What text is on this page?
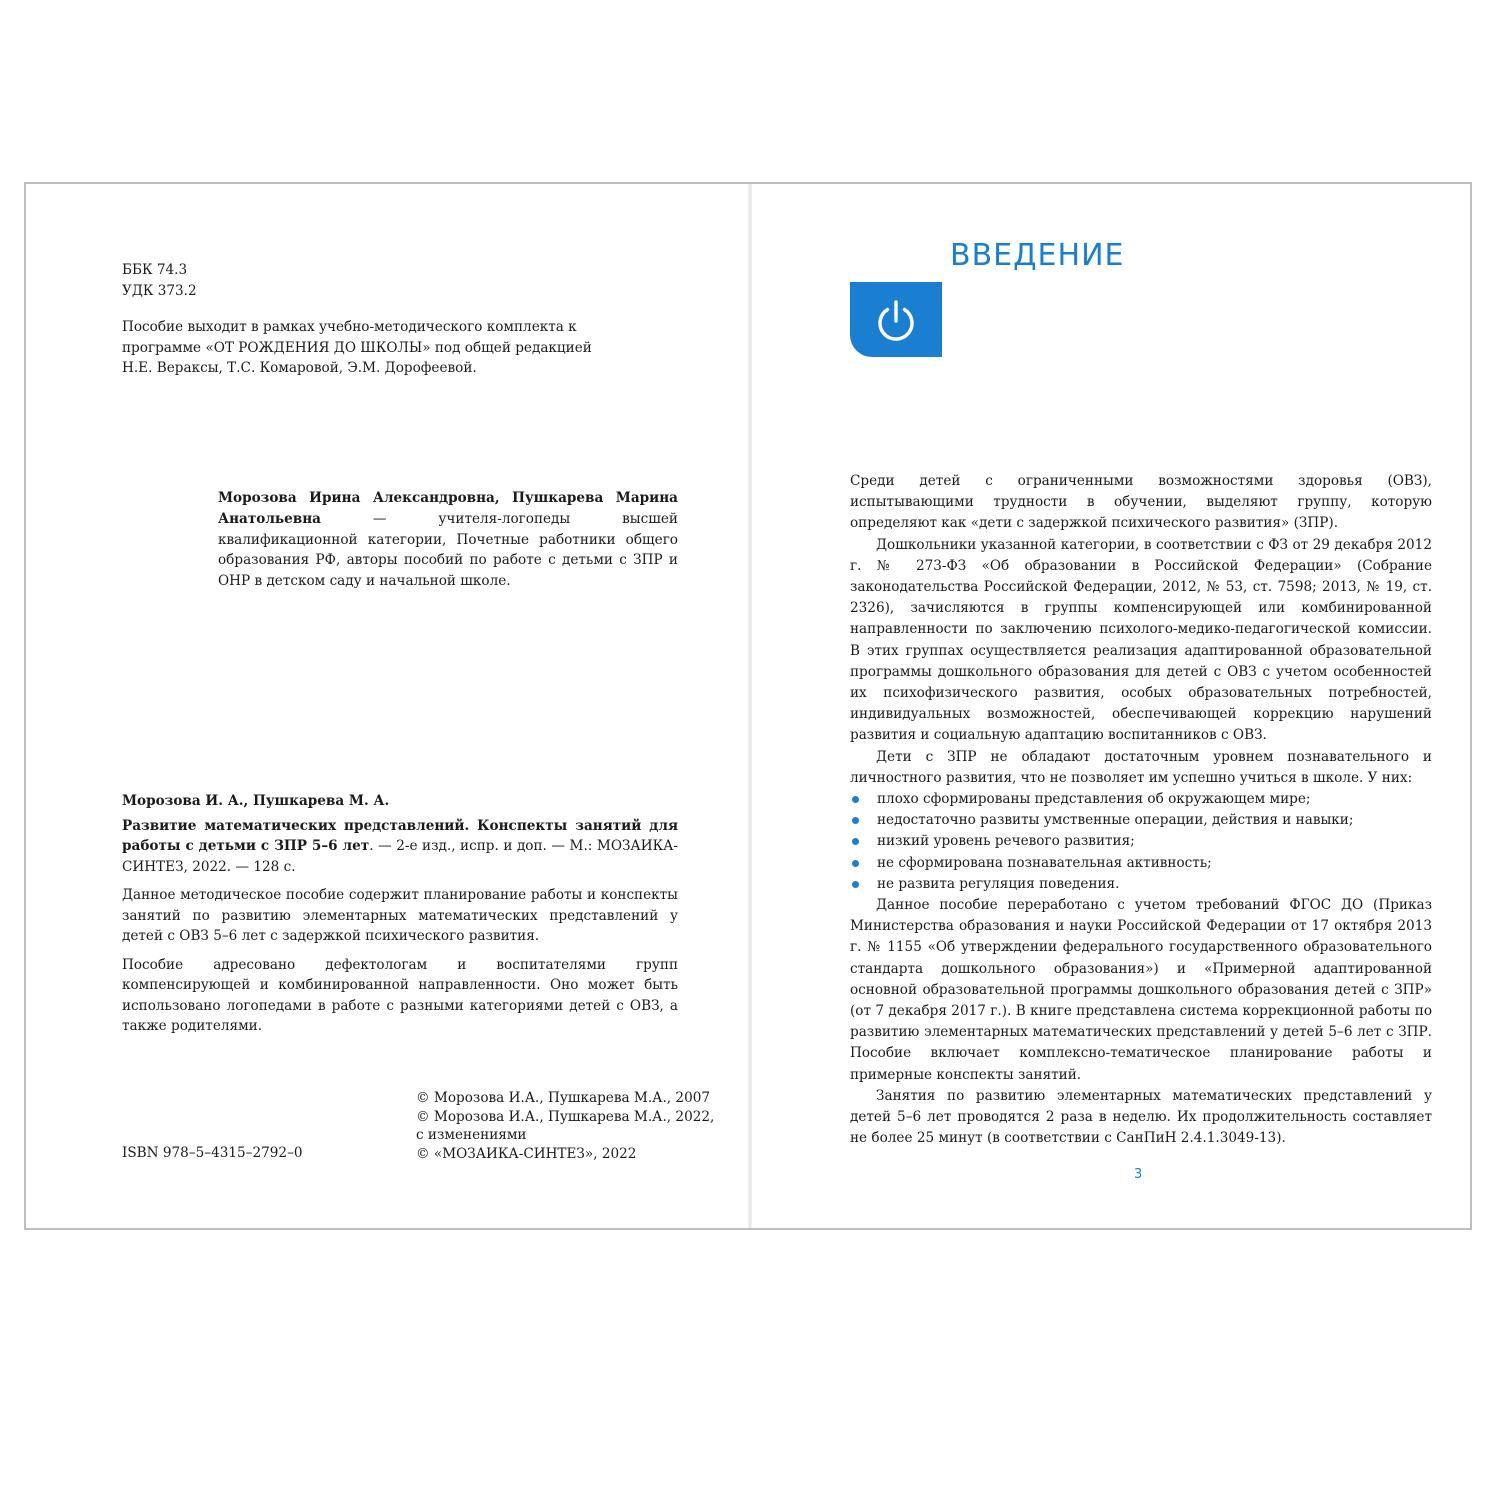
ББК 74.3
УДК 373.2
Пособие выходит в рамках учебно-методического комплекта к программе «ОТ РОЖДЕНИЯ ДО ШКОЛЫ» под общей редакцией Н.Е. Вераксы, Т.С. Комаровой, Э.М. Дорофеевой.
Морозова Ирина Александровна, Пушкарева Марина Анатольевна — учителя-логопеды высшей квалификационной категории, Почетные работники общего образования РФ, авторы пособий по работе с детьми с ЗПР и ОНР в детском саду и начальной школе.

Морозова И. А., Пушкарева М. А.

Развитие математических представлений. Конспекты занятий для работы с детьми с ЗПР 5–6 лет. — 2-е изд., испр. и доп. — М.: МОЗАИКА-СИНТЕЗ, 2022. — 128 с.

Данное методическое пособие содержит планирование работы и конспекты занятий по развитию элементарных математических представлений у детей с ОВЗ 5–6 лет с задержкой психического развития.

Пособие адресовано дефектологам и воспитателями групп компенсирующей и комбинированной направленности. Оно может быть использовано логопедами в работе с разными категориями детей с ОВЗ, а также родителями.

© Морозова И.А., Пушкарева М.А., 2007
© Морозова И.А., Пушкарева М.А., 2022,
с изменениями
© «МОЗАИКА-СИНТЕЗ», 2022
ISBN 978–5–4315–2792–0
ВВЕДЕНИЕ

Среди детей с ограниченными возможностями здоровья (ОВЗ), испытывающими трудности в обучении, выделяют группу, которую определяют как «дети с задержкой психического развития» (ЗПР).

Дошкольники указанной категории, в соответствии с ФЗ от 29 декабря 2012 г. № 273-ФЗ «Об образовании в Российской Федерации» (Собрание законодательства Российской Федерации, 2012, № 53, ст. 7598; 2013, № 19, ст. 2326), зачисляются в группы компенсирующей или комбинированной направленности по заключению психолого-медико-педагогической комиссии. В этих группах осуществляется реализация адаптированной образовательной программы дошкольного образования для детей с ОВЗ с учетом особенностей их психофизического развития, особых образовательных потребностей, индивидуальных возможностей, обеспечивающей коррекцию нарушений развития и социальную адаптацию воспитанников с ОВЗ.

Дети с ЗПР не обладают достаточным уровнем познавательного и личностного развития, что не позволяет им успешно учиться в школе. У них:

плохо сформированы представления об окружающем мире;
недостаточно развиты умственные операции, действия и навыки;
низкий уровень речевого развития;
не сформирована познавательная активность;
не развита регуляция поведения.

Данное пособие переработано с учетом требований ФГОС ДО (Приказ Министерства образования и науки Российской Федерации от 17 октября 2013 г. № 1155 «Об утверждении федерального государственного образовательного стандарта дошкольного образования») и «Примерной адаптированной основной образовательной программы дошкольного образования детей с ЗПР» (от 7 декабря 2017 г.). В книге представлена система коррекционной работы по развитию элементарных математических представлений у детей 5–6 лет с ЗПР. Пособие включает комплексно-тематическое планирование работы и примерные конспекты занятий.

Занятия по развитию элементарных математических представлений у детей 5–6 лет проводятся 2 раза в неделю. Их продолжительность составляет не более 25 минут (в соответствии с СанПиН 2.4.1.3049-13).

3
